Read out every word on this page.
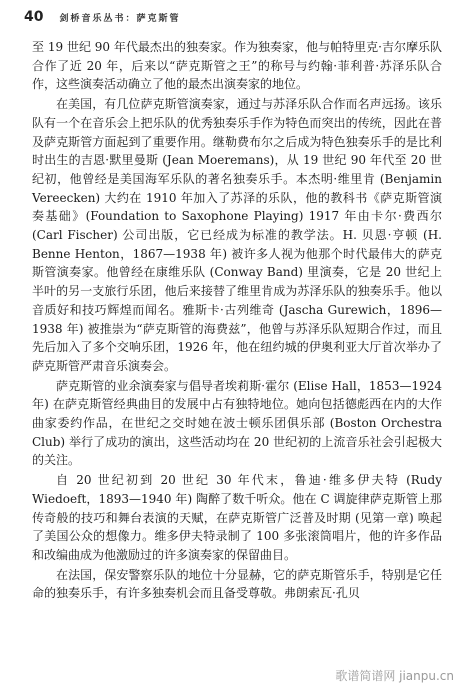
40 剑桥音乐丛书：萨克斯管

至 19 世纪 90 年代最杰出的独奏家。作为独奏家，他与帕特里克·吉尔摩乐队合作了近 20 年，后来以“萨克斯管之王”的称号与约翰·菲利普·苏泽乐队合作，这些演奏活动确立了他的最杰出演奏家的地位。

在美国，有几位萨克斯管演奏家，通过与苏泽乐队合作而名声远扬。该乐队有一个在音乐会上把乐队的优秀独奏乐手作为特色而突出的传统，因此在普及萨克斯管方面起到了重要作用。继勒费布尔之后成为特色独奏乐手的是比利时出生的吉恩·默里曼斯 (Jean Moeremans)，从 19 世纪 90 年代至 20 世纪初，他曾经是美国海军乐队的著名独奏乐手。本杰明·维里肯 (Benjamin Vereecken) 大约在 1910 年加入了苏泽的乐队，他的教科书《萨克斯管演奏基础》(Foundation to Saxophone Playing) 1917 年由卡尔·费西尔 (Carl Fischer) 公司出版，它已经成为标准的教学法。H. 贝恩·亨顿 (H. Benne Henton，1867—1938 年) 被许多人视为他那个时代最伟大的萨克斯管演奏家。他曾经在康维乐队 (Conway Band) 里演奏，它是 20 世纪上半叶的另一支旅行乐团，他后来接替了维里肯成为苏泽乐队的独奏乐手。他以音质好和技巧辉煌而闻名。雅斯卡·古列维奇 (Jascha Gurewich，1896—1938 年) 被推崇为“萨克斯管的海费兹”，他曾与苏泽乐队短期合作过，而且先后加入了多个交响乐团，1926 年，他在纽约城的伊奥利亚大厅首次举办了萨克斯管严肃音乐演奏会。

萨克斯管的业余演奏家与倡导者埃莉斯·霍尔 (Elise Hall，1853—1924 年) 在萨克斯管经典曲目的发展中占有独特地位。她向包括德彪西在内的大作曲家委约作品，在世纪之交时她在波士顿乐团俱乐部 (Boston Orchestra Club) 举行了成功的演出，这些活动均在 20 世纪初的上流音乐社会引起极大的关注。

自 20 世纪初到 20 世纪 30 年代末，鲁迪·维多伊夫特 (Rudy Wiedoeft，1893—1940 年) 陶醉了数千听众。他在 C 调旋律萨克斯管上那传奇般的技巧和舞台表演的天赋，在萨克斯管广泛普及时期 (见第一章) 唤起了美国公众的想像力。维多伊夫特录制了 100 多张滚筒唱片，他的许多作品和改编曲成为他激励过的许多演奏家的保留曲目。

在法国，保安警察乐队的地位十分显赫，它的萨克斯管乐手，特别是它任命的独奏乐手，有许多独奏机会而且备受尊敬。弗朗索瓦·孔贝

歌谱简谱网 jianpu.cn
